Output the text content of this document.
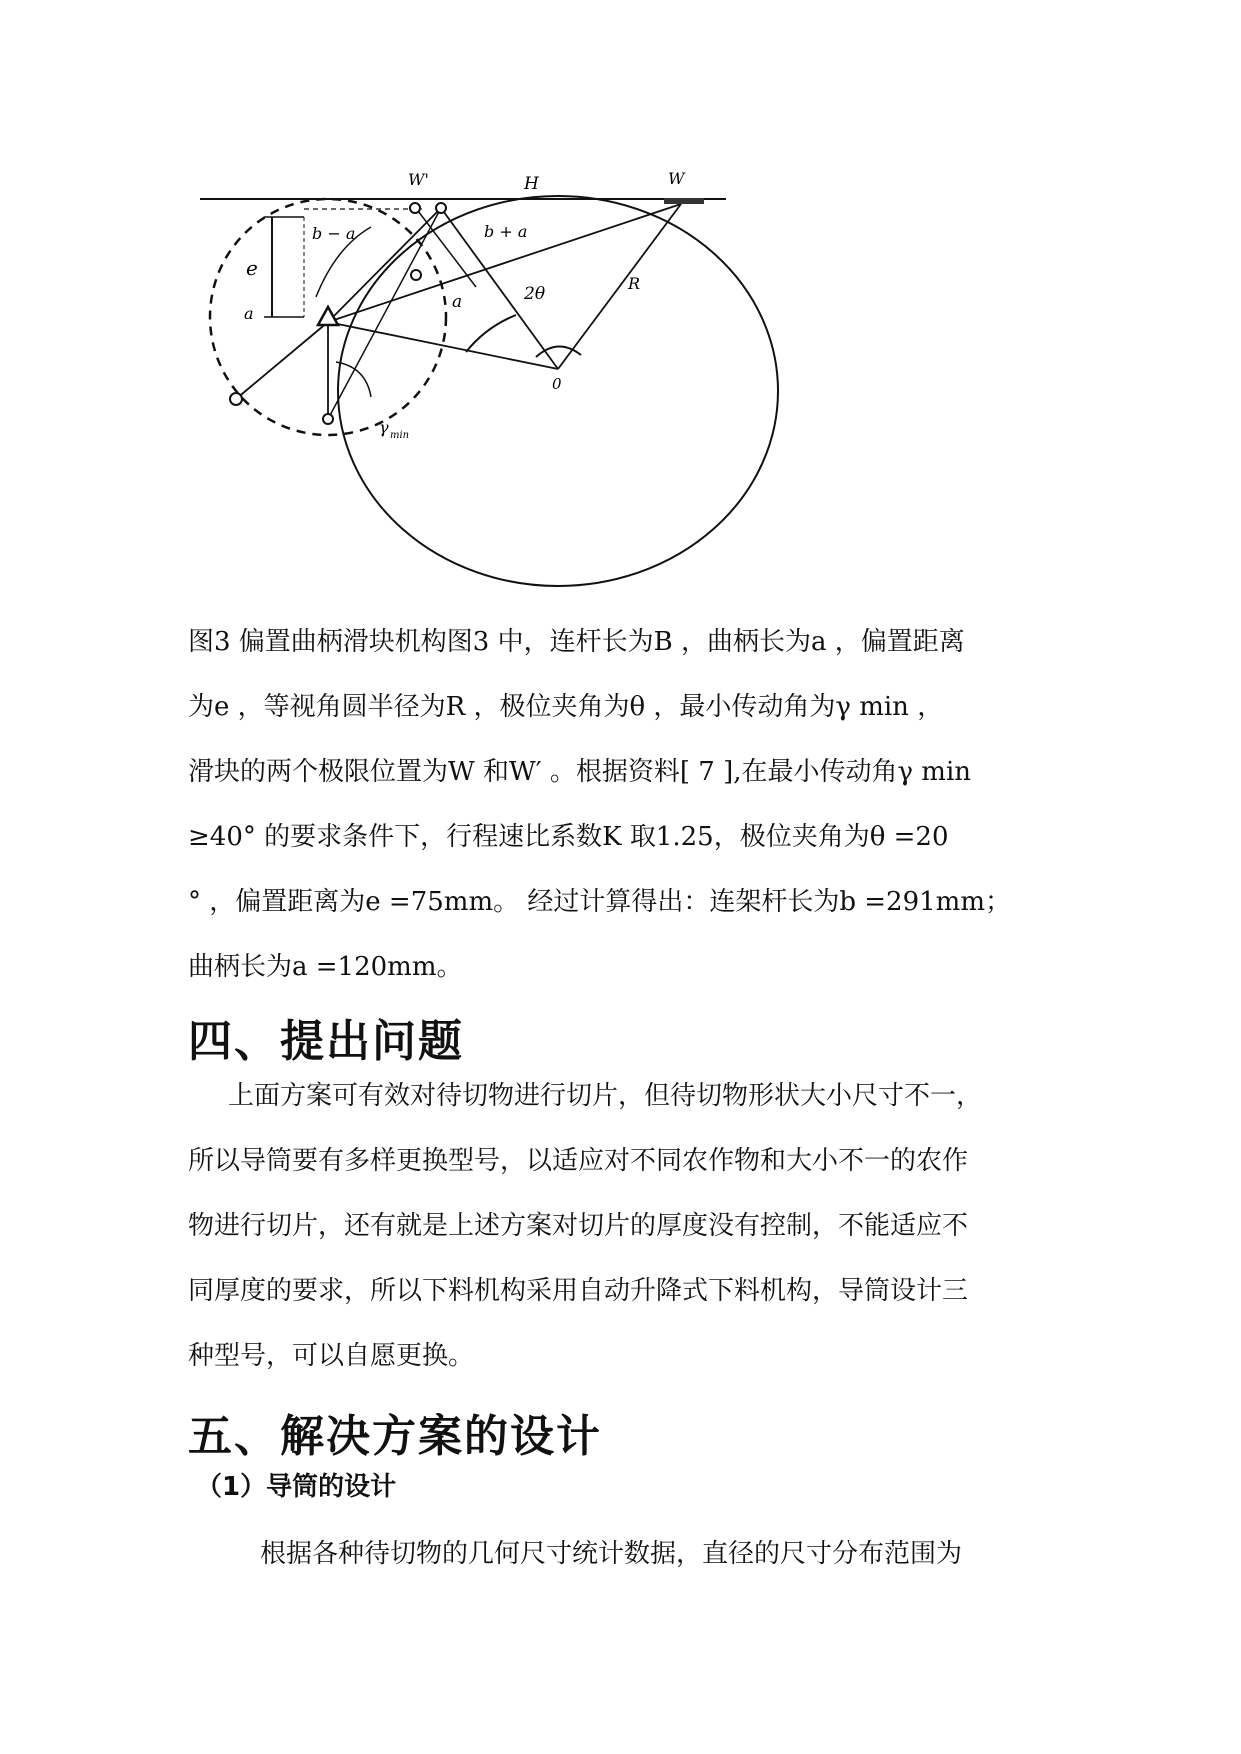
W'	H	W
b − a	b + a
e
a
a	2θ
R
0
γ min
图3 偏置曲柄滑块机构图3 中，连杆长为B ，曲柄长为a ，偏置距离
为e ，等视角圆半径为R ，极位夹角为θ ，最小传动角为γ min ，
滑块的两个极限位置为W 和W′ 。根据资料[ 7 ],在最小传动角γ min
≥40° 的要求条件下，行程速比系数K 取1.25，极位夹角为θ =20
° ，偏置距离为e =75mm。 经过计算得出：连架杆长为b =291mm；
曲柄长为a =120mm。
四、提出问题
上面方案可有效对待切物进行切片，但待切物形状大小尺寸不一，
所以导筒要有多样更换型号，以适应对不同农作物和大小不一的农作
物进行切片，还有就是上述方案对切片的厚度没有控制，不能适应不
同厚度的要求，所以下料机构采用自动升降式下料机构，导筒设计三
种型号，可以自愿更换。
五、解决方案的设计
（1）导筒的设计
根据各种待切物的几何尺寸统计数据，直径的尺寸分布范围为
